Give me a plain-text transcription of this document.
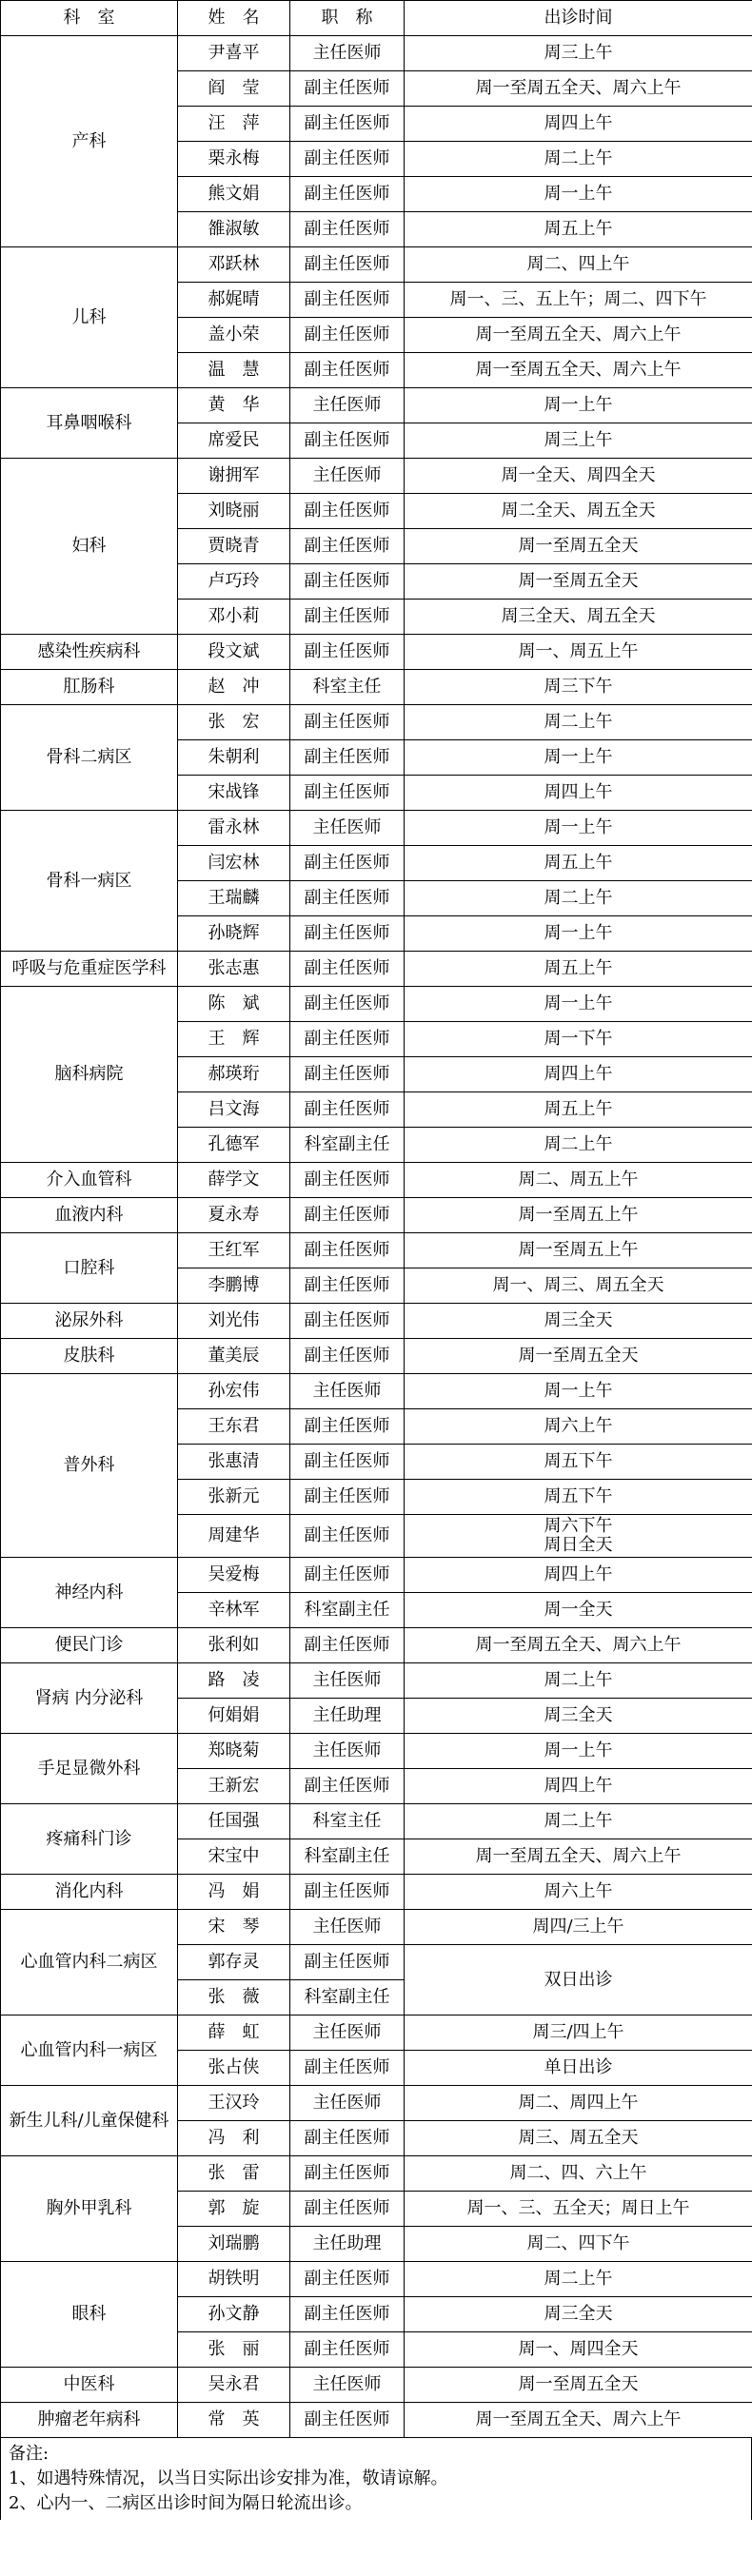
科　室	姓　名	职　称	出诊时间
产科	尹喜平	主任医师	周三上午
	阎　莹	副主任医师	周一至周五全天、周六上午
	汪　萍	副主任医师	周四上午
	栗永梅	副主任医师	周二上午
	熊文娟	副主任医师	周一上午
	雒淑敏	副主任医师	周五上午
儿科	邓跃林	副主任医师	周二、四上午
	郝娓晴	副主任医师	周一、三、五上午；周二、四下午
	盖小荣	副主任医师	周一至周五全天、周六上午
	温　慧	副主任医师	周一至周五全天、周六上午
耳鼻咽喉科	黄　华	主任医师	周一上午
	席爱民	副主任医师	周三上午
妇科	谢拥军	主任医师	周一全天、周四全天
	刘晓丽	副主任医师	周二全天、周五全天
	贾晓青	副主任医师	周一至周五全天
	卢巧玲	副主任医师	周一至周五全天
	邓小莉	副主任医师	周三全天、周五全天
感染性疾病科	段文斌	副主任医师	周一、周五上午
肛肠科	赵　冲	科室主任	周三下午
骨科二病区	张　宏	副主任医师	周二上午
	朱朝利	副主任医师	周一上午
	宋战锋	副主任医师	周四上午
骨科一病区	雷永林	主任医师	周一上午
	闫宏林	副主任医师	周五上午
	王瑞麟	副主任医师	周二上午
	孙晓辉	副主任医师	周一上午
呼吸与危重症医学科	张志惠	副主任医师	周五上午
脑科病院	陈　斌	副主任医师	周一上午
	王　辉	副主任医师	周一下午
	郝瑛珩	副主任医师	周四上午
	吕文海	副主任医师	周五上午
	孔德军	科室副主任	周二上午
介入血管科	薛学文	副主任医师	周二、周五上午
血液内科	夏永寿	副主任医师	周一至周五上午
口腔科	王红军	副主任医师	周一至周五上午
	李鹏博	副主任医师	周一、周三、周五全天
泌尿外科	刘光伟	副主任医师	周三全天
皮肤科	董美辰	副主任医师	周一至周五全天
普外科	孙宏伟	主任医师	周一上午
	王东君	副主任医师	周六上午
	张惠清	副主任医师	周五下午
	张新元	副主任医师	周五下午
	周建华	副主任医师	周六下午
周日全天
神经内科	吴爱梅	副主任医师	周四上午
	辛林军	科室副主任	周一全天
便民门诊	张利如	副主任医师	周一至周五全天、周六上午
肾病 内分泌科	路　凌	主任医师	周二上午
	何娟娟	主任助理	周三全天
手足显微外科	郑晓菊	主任医师	周一上午
	王新宏	副主任医师	周四上午
疼痛科门诊	任国强	科室主任	周二上午
	宋宝中	科室副主任	周一至周五全天、周六上午
消化内科	冯　娟	副主任医师	周六上午
心血管内科二病区	宋　琴	主任医师	周四/三上午
	郭存灵	副主任医师	双日出诊
	张　薇	科室副主任	
心血管内科一病区	薛　虹	主任医师	周三/四上午
	张占侠	副主任医师	单日出诊
新生儿科/儿童保健科	王汉玲	主任医师	周二、周四上午
	冯　利	副主任医师	周三、周五全天
胸外甲乳科	张　雷	副主任医师	周二、四、六上午
	郭　旋	副主任医师	周一、三、五全天；周日上午
	刘瑞鹏	主任助理	周二、四下午
眼科	胡铁明	副主任医师	周二上午
	孙文静	副主任医师	周三全天
	张　丽	副主任医师	周一、周四全天
中医科	吴永君	主任医师	周一至周五全天
肿瘤老年病科	常　英	副主任医师	周一至周五全天、周六上午
备注:
1、如遇特殊情况，以当日实际出诊安排为准，敬请谅解。
2、心内一、二病区出诊时间为隔日轮流出诊。
